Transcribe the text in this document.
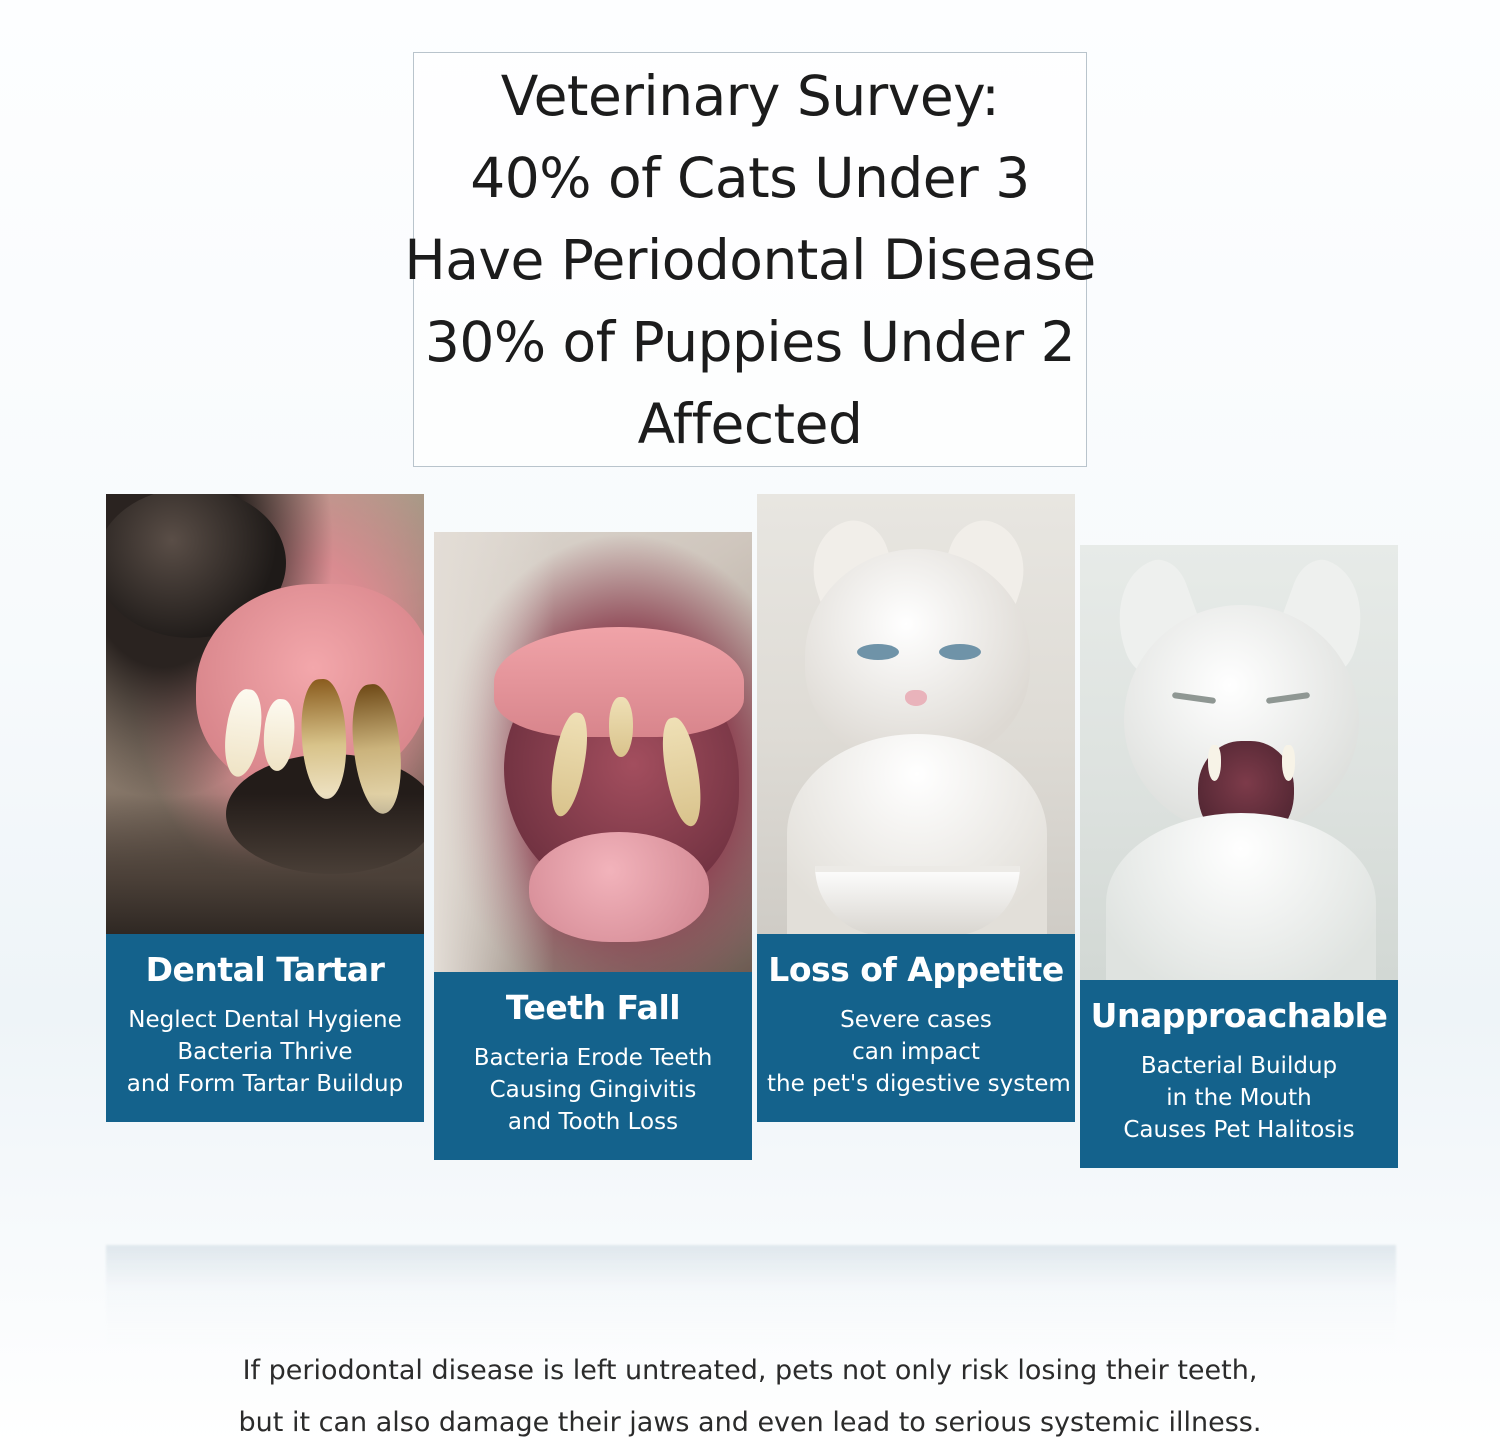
Veterinary Survey:
40% of Cats Under 3
Have Periodontal Disease
30% of Puppies Under 2
Affected
Dental Tartar
Neglect Dental Hygiene
Bacteria Thrive
and Form Tartar Buildup
Teeth Fall
Bacteria Erode Teeth
Causing Gingivitis
and Tooth Loss
Loss of Appetite
Severe cases
can impact
the pet's digestive system
Unapproachable
Bacterial Buildup
in the Mouth
Causes Pet Halitosis
If periodontal disease is left untreated, pets not only risk losing their teeth,
but it can also damage their jaws and even lead to serious systemic illness.
